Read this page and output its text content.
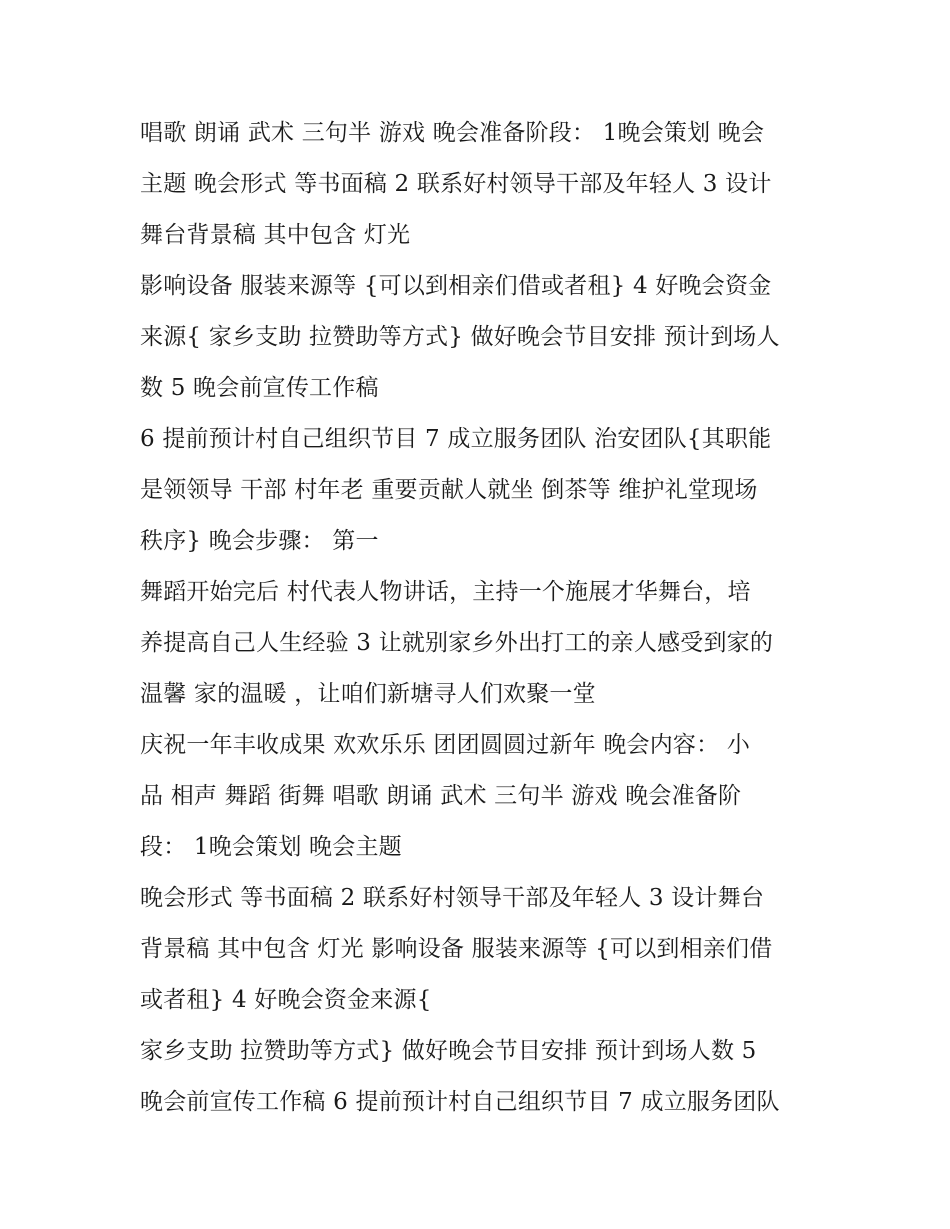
唱歌 朗诵 武术 三句半 游戏 晚会准备阶段： 1晚会策划 晚会
主题 晚会形式 等书面稿 2 联系好村领导干部及年轻人 3 设计
舞台背景稿 其中包含 灯光
影响设备 服装来源等 {可以到相亲们借或者租} 4 好晚会资金
来源{ 家乡支助 拉赞助等方式} 做好晚会节目安排 预计到场人
数 5 晚会前宣传工作稿
6 提前预计村自己组织节目 7 成立服务团队 治安团队{其职能
是领领导 干部 村年老 重要贡献人就坐 倒茶等 维护礼堂现场
秩序} 晚会步骤： 第一
舞蹈开始完后 村代表人物讲话，主持一个施展才华舞台，培
养提高自己人生经验 3 让就别家乡外出打工的亲人感受到家的
温馨 家的温暖 ，让咱们新塘寻人们欢聚一堂
庆祝一年丰收成果 欢欢乐乐 团团圆圆过新年 晚会内容： 小
品 相声 舞蹈 街舞 唱歌 朗诵 武术 三句半 游戏 晚会准备阶
段： 1晚会策划 晚会主题
晚会形式 等书面稿 2 联系好村领导干部及年轻人 3 设计舞台
背景稿 其中包含 灯光 影响设备 服装来源等 {可以到相亲们借
或者租} 4 好晚会资金来源{
家乡支助 拉赞助等方式} 做好晚会节目安排 预计到场人数 5
晚会前宣传工作稿 6 提前预计村自己组织节目 7 成立服务团队
